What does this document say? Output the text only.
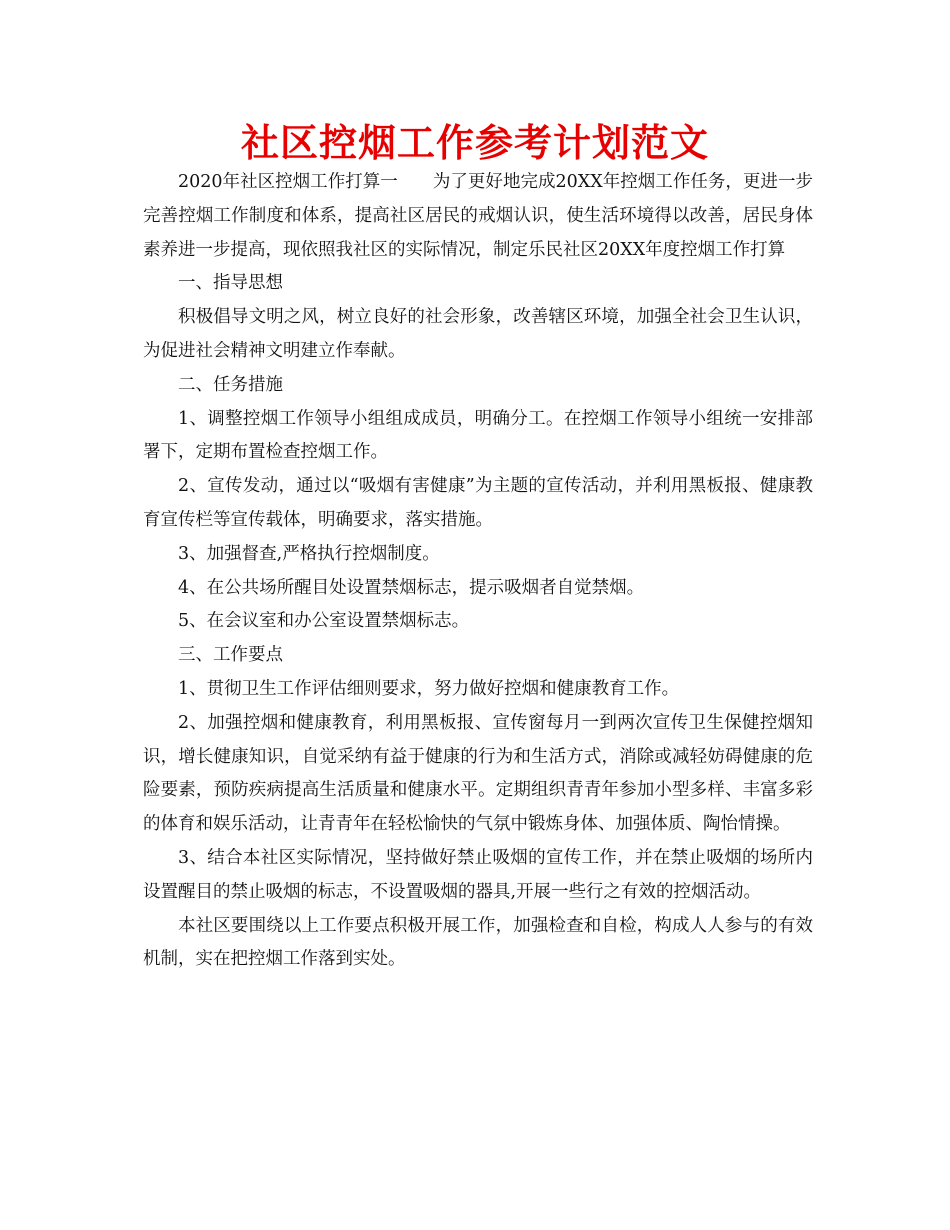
社区控烟工作参考计划范文

2020年社区控烟工作打算一　　为了更好地完成20XX年控烟工作任务，更进一步完善控烟工作制度和体系，提高社区居民的戒烟认识，使生活环境得以改善，居民身体素养进一步提高，现依照我社区的实际情况，制定乐民社区20XX年度控烟工作打算

一、指导思想

积极倡导文明之风，树立良好的社会形象，改善辖区环境，加强全社会卫生认识，为促进社会精神文明建立作奉献。

二、任务措施

1、调整控烟工作领导小组组成成员，明确分工。在控烟工作领导小组统一安排部署下，定期布置检查控烟工作。

2、宣传发动，通过以“吸烟有害健康”为主题的宣传活动，并利用黑板报、健康教育宣传栏等宣传载体，明确要求，落实措施。

3、加强督查,严格执行控烟制度。

4、在公共场所醒目处设置禁烟标志，提示吸烟者自觉禁烟。

5、在会议室和办公室设置禁烟标志。

三、工作要点

1、贯彻卫生工作评估细则要求，努力做好控烟和健康教育工作。

2、加强控烟和健康教育，利用黑板报、宣传窗每月一到两次宣传卫生保健控烟知识，增长健康知识，自觉采纳有益于健康的行为和生活方式，消除或减轻妨碍健康的危险要素，预防疾病提高生活质量和健康水平。定期组织青青年参加小型多样、丰富多彩的体育和娱乐活动，让青青年在轻松愉快的气氛中锻炼身体、加强体质、陶怡情操。

3、结合本社区实际情况，坚持做好禁止吸烟的宣传工作，并在禁止吸烟的场所内设置醒目的禁止吸烟的标志，不设置吸烟的器具,开展一些行之有效的控烟活动。

本社区要围绕以上工作要点积极开展工作，加强检查和自检，构成人人参与的有效机制，实在把控烟工作落到实处。
